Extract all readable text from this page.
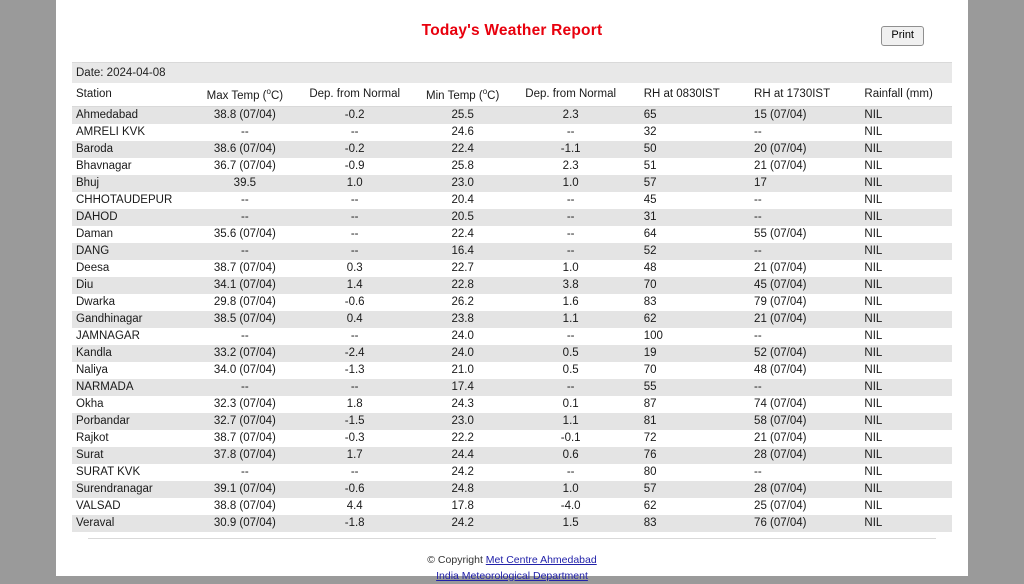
Today's Weather Report	Print
Date: 2024-04-08
Station	Max Temp ($^o$C)	Dep. from Normal	Min Temp ($^o$C)	Dep. from Normal	RH at 0830IST	RH at 1730IST	Rainfall (mm)
Ahmedabad	38.8 (07/04)	-0.2	25.5	2.3	65	15 (07/04)	NIL
AMRELI KVK	--	--	24.6	--	32	--	NIL
Baroda	38.6 (07/04)	-0.2	22.4	-1.1	50	20 (07/04)	NIL
Bhavnagar	36.7 (07/04)	-0.9	25.8	2.3	51	21 (07/04)	NIL
Bhuj	39.5	1.0	23.0	1.0	57	17	NIL
CHHOTAUDEPUR	--	--	20.4	--	45	--	NIL
DAHOD	--	--	20.5	--	31	--	NIL
Daman	35.6 (07/04)	--	22.4	--	64	55 (07/04)	NIL
DANG	--	--	16.4	--	52	--	NIL
Deesa	38.7 (07/04)	0.3	22.7	1.0	48	21 (07/04)	NIL
Diu	34.1 (07/04)	1.4	22.8	3.8	70	45 (07/04)	NIL
Dwarka	29.8 (07/04)	-0.6	26.2	1.6	83	79 (07/04)	NIL
Gandhinagar	38.5 (07/04)	0.4	23.8	1.1	62	21 (07/04)	NIL
JAMNAGAR	--	--	24.0	--	100	--	NIL
Kandla	33.2 (07/04)	-2.4	24.0	0.5	19	52 (07/04)	NIL
Naliya	34.0 (07/04)	-1.3	21.0	0.5	70	48 (07/04)	NIL
NARMADA	--	--	17.4	--	55	--	NIL
Okha	32.3 (07/04)	1.8	24.3	0.1	87	74 (07/04)	NIL
Porbandar	32.7 (07/04)	-1.5	23.0	1.1	81	58 (07/04)	NIL
Rajkot	38.7 (07/04)	-0.3	22.2	-0.1	72	21 (07/04)	NIL
Surat	37.8 (07/04)	1.7	24.4	0.6	76	28 (07/04)	NIL
SURAT KVK	--	--	24.2	--	80	--	NIL
Surendranagar	39.1 (07/04)	-0.6	24.8	1.0	57	28 (07/04)	NIL
VALSAD	38.8 (07/04)	4.4	17.8	-4.0	62	25 (07/04)	NIL
Veraval	30.9 (07/04)	-1.8	24.2	1.5	83	76 (07/04)	NIL
© Copyright Met Centre Ahmedabad
India Meteorological Department
